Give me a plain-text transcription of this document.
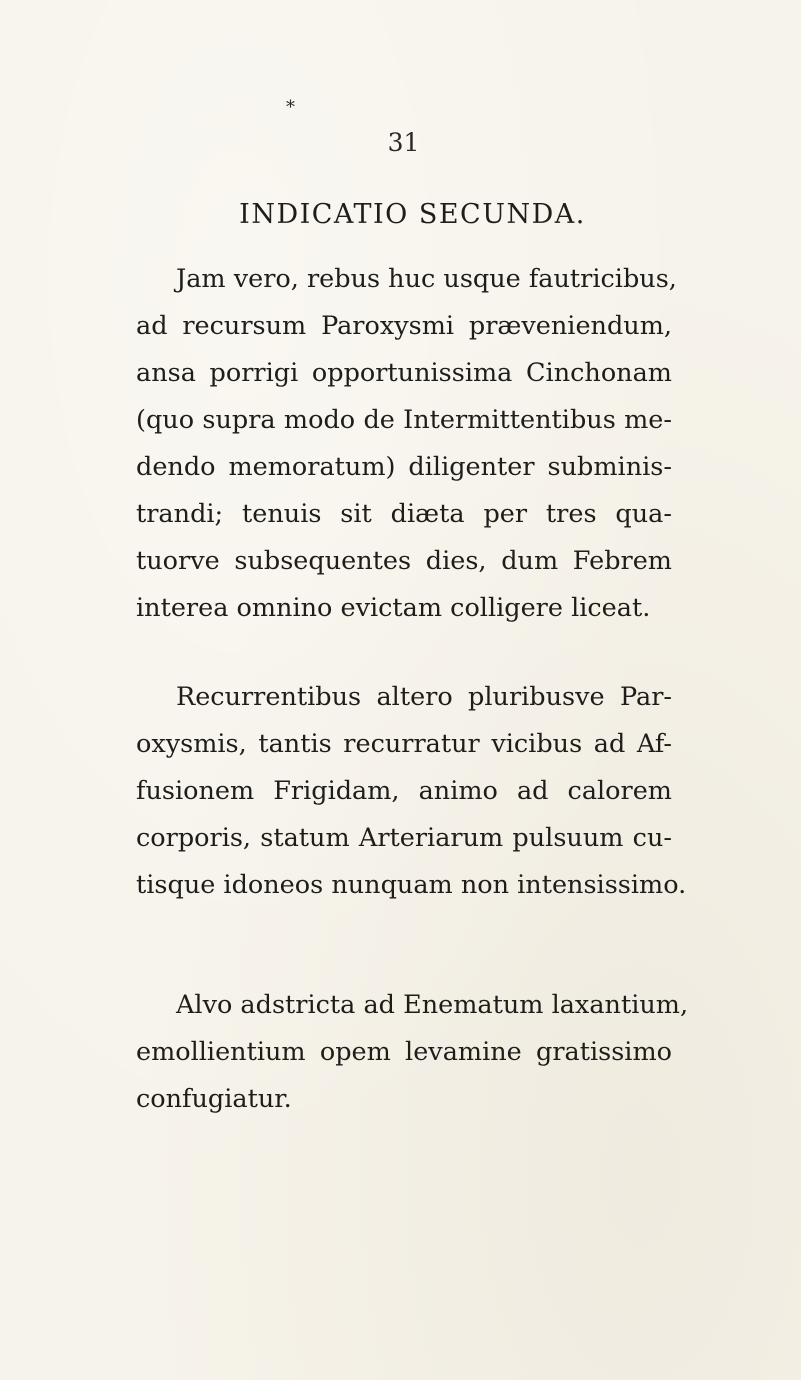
*
31
INDICATIO SECUNDA.
Jam vero, rebus huc usque fautricibus,
ad recursum Paroxysmi præveniendum,
ansa porrigi opportunissima Cinchonam
(quo supra modo de Intermittentibus me-
dendo memoratum) diligenter subminis-
trandi; tenuis sit diæta per tres qua-
tuorve subsequentes dies, dum Febrem
interea omnino evictam colligere liceat.
Recurrentibus altero pluribusve Par-
oxysmis, tantis recurratur vicibus ad Af-
fusionem Frigidam, animo ad calorem
corporis, statum Arteriarum pulsuum cu-
tisque idoneos nunquam non intensissimo.
Alvo adstricta ad Enematum laxantium,
emollientium opem levamine gratissimo
confugiatur.
